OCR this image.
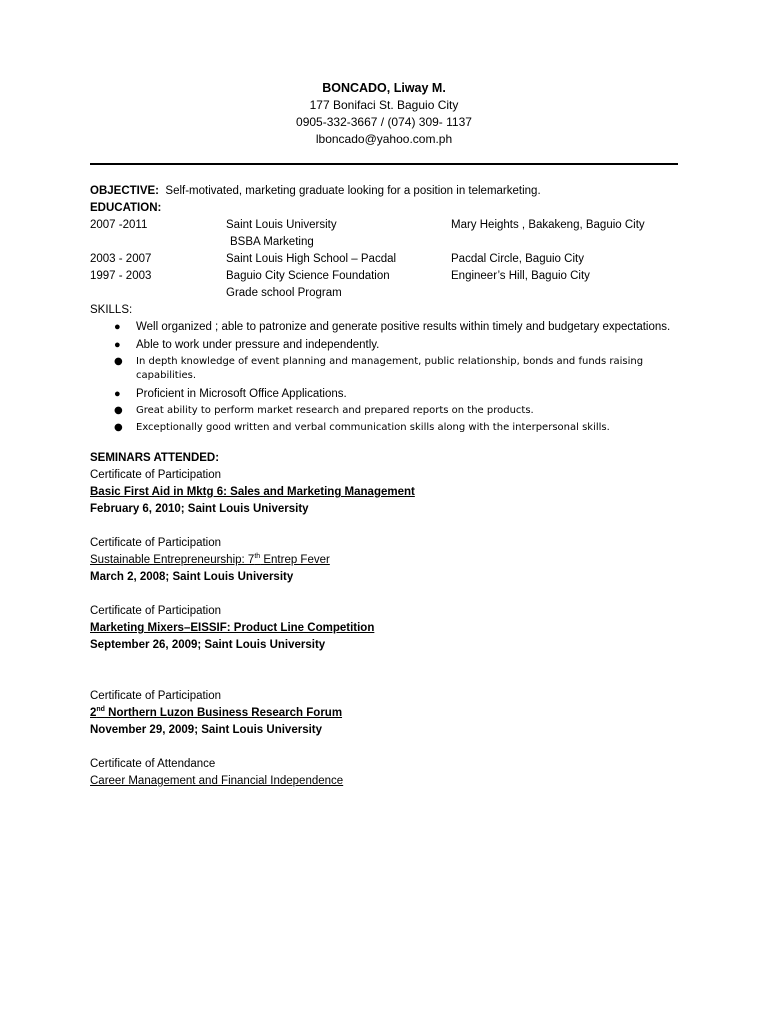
BONCADO, Liway M.
177 Bonifaci St. Baguio City
0905-332-3667 / (074) 309- 1137
lboncado@yahoo.com.ph
OBJECTIVE: Self-motivated, marketing graduate looking for a position in telemarketing.
EDUCATION:
2007 -2011	Saint Louis University	Mary Heights , Bakakeng, Baguio City
BSBA Marketing
2003 - 2007	Saint Louis High School – Pacdal	Pacdal Circle, Baguio City
1997 - 2003	Baguio City Science Foundation	Engineer’s Hill, Baguio City
Grade school Program
SKILLS:
● Well organized ; able to patronize and generate positive results within timely and budgetary expectations.
● Able to work under pressure and independently.
● In depth knowledge of event planning and management, public relationship, bonds and funds raising capabilities.
● Proficient in Microsoft Office Applications.
● Great ability to perform market research and prepared reports on the products.
● Exceptionally good written and verbal communication skills along with the interpersonal skills.
SEMINARS ATTENDED:
Certificate of Participation
Basic First Aid in Mktg 6: Sales and Marketing Management
February 6, 2010; Saint Louis University
Certificate of Participation
Sustainable Entrepreneurship: 7th Entrep Fever
March 2, 2008; Saint Louis University
Certificate of Participation
Marketing Mixers–EISSIF: Product Line Competition
September 26, 2009; Saint Louis University
Certificate of Participation
2nd Northern Luzon Business Research Forum
November 29, 2009; Saint Louis University
Certificate of Attendance
Career Management and Financial Independence
